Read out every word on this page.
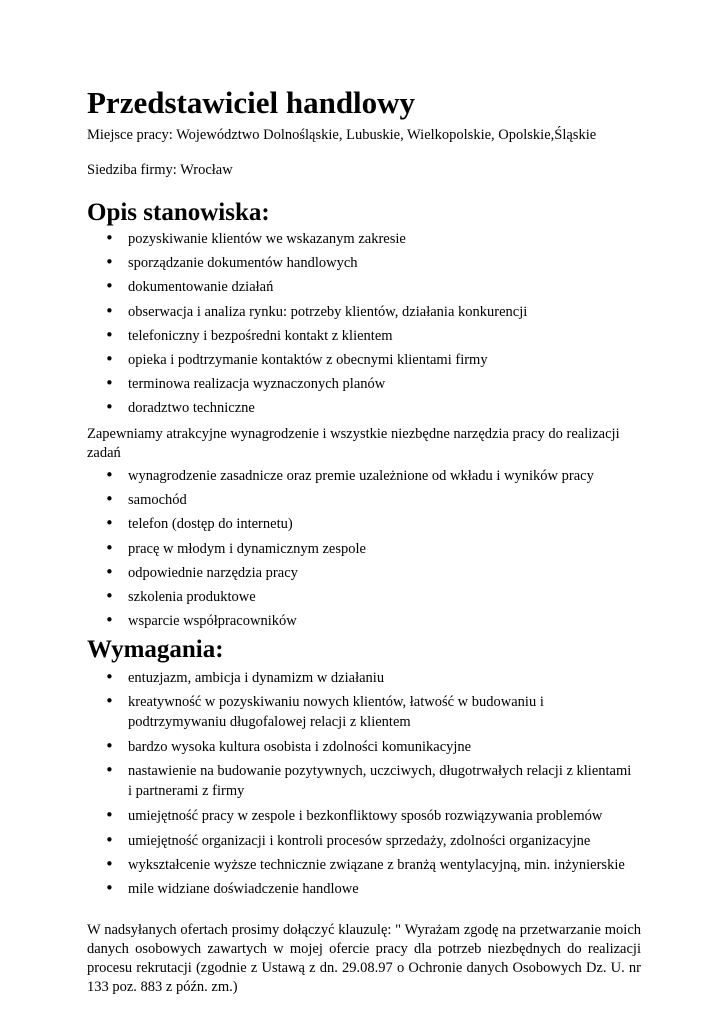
Przedstawiciel handlowy

Miejsce pracy: Województwo Dolnośląskie, Lubuskie, Wielkopolskie, Opolskie,Śląskie

Siedziba firmy: Wrocław

Opis stanowiska:
• pozyskiwanie klientów we wskazanym zakresie
• sporządzanie dokumentów handlowych
• dokumentowanie działań
• obserwacja i analiza rynku: potrzeby klientów, działania konkurencji
• telefoniczny i bezpośredni kontakt z klientem
• opieka i podtrzymanie kontaktów z obecnymi klientami firmy
• terminowa realizacja wyznaczonych planów
• doradztwo techniczne

Zapewniamy atrakcyjne wynagrodzenie i wszystkie niezbędne narzędzia pracy do realizacji
zadań

• wynagrodzenie zasadnicze oraz premie uzależnione od wkładu i wyników pracy
• samochód
• telefon (dostęp do internetu)
• pracę w młodym i dynamicznym zespole
• odpowiednie narzędzia pracy
• szkolenia produktowe
• wsparcie współpracowników
Wymagania:
• entuzjazm, ambicja i dynamizm w działaniu
• kreatywność w pozyskiwaniu nowych klientów, łatwość w budowaniu i
podtrzymywaniu długofalowej relacji z klientem
• bardzo wysoka kultura osobista i zdolności komunikacyjne
• nastawienie na budowanie pozytywnych, uczciwych, długotrwałych relacji z klientami
i partnerami z firmy
• umiejętność pracy w zespole i bezkonfliktowy sposób rozwiązywania problemów
• umiejętność organizacji i kontroli procesów sprzedaży, zdolności organizacyjne
• wykształcenie wyższe technicznie związane z branżą wentylacyjną, min. inżynierskie
• mile widziane doświadczenie handlowe

W nadsyłanych ofertach prosimy dołączyć klauzulę: " Wyrażam zgodę na przetwarzanie moich
danych osobowych zawartych w mojej ofercie pracy dla potrzeb niezbędnych do realizacji
procesu rekrutacji (zgodnie z Ustawą z dn. 29.08.97 o Ochronie danych Osobowych Dz. U. nr
133 poz. 883 z późn. zm.)
